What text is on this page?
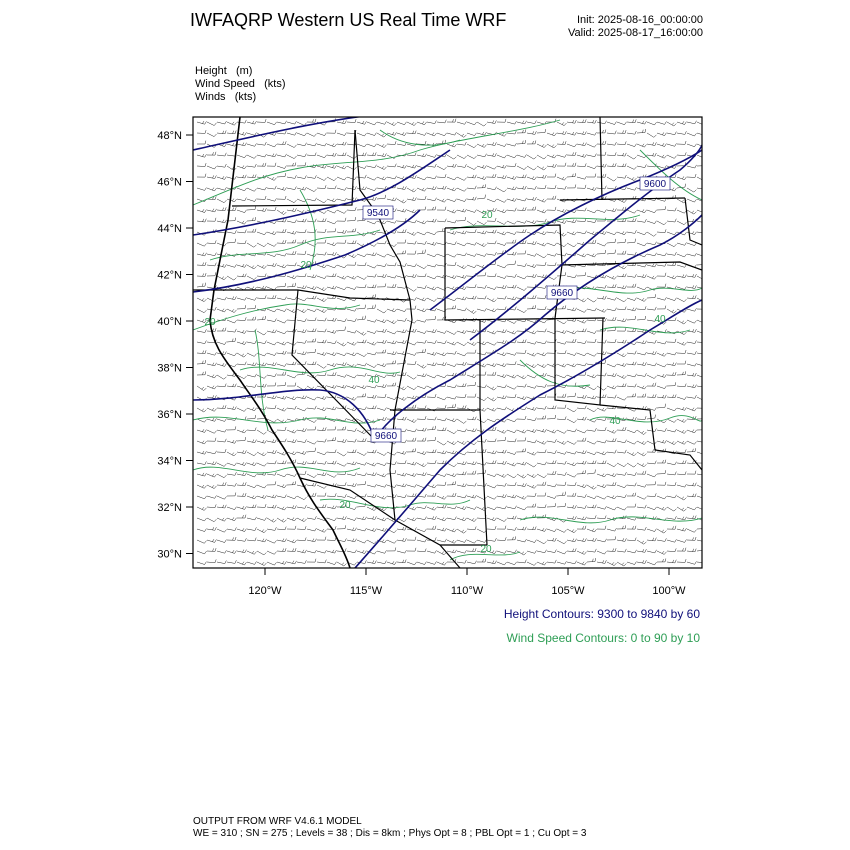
IWFAQRP Western US Real Time WRF	Init: 2025-08-16_00:00:00
Valid: 2025-08-17_16:00:00
Height (m)
Wind Speed (kts)
Winds (kts)
48°N
46°N
44°N
42°N
40°N
38°N
36°N
34°N
32°N
30°N
120°W	115°W	110°W	105°W	100°W
9540
9600
9660
9660
20
40
20
40
20
40
20
20
Height Contours: 9300 to 9840 by 60
Wind Speed Contours: 0 to 90 by 10
OUTPUT FROM WRF V4.6.1 MODEL
WE = 310 ; SN = 275 ; Levels = 38 ; Dis = 8km ; Phys Opt = 8 ; PBL Opt = 1 ; Cu Opt = 3
